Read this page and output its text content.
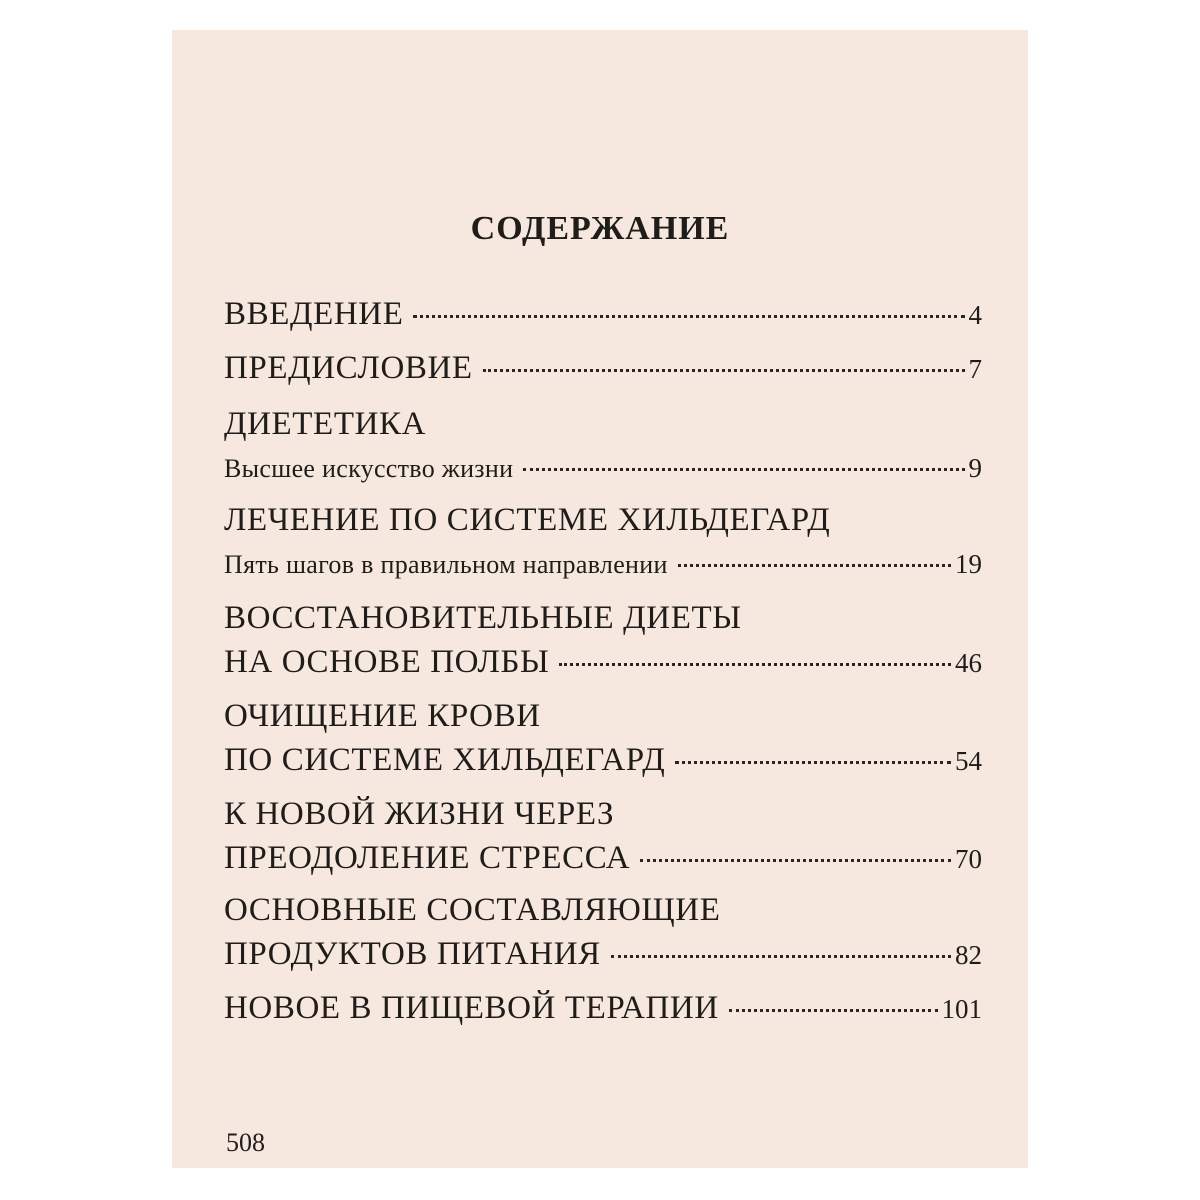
СОДЕРЖАНИЕ
ВВЕДЕНИЕ	4
ПРЕДИСЛОВИЕ	7
ДИЕТЕТИКА
Высшее искусство жизни	9
ЛЕЧЕНИЕ ПО СИСТЕМЕ ХИЛЬДЕГАРД
Пять шагов в правильном направлении	19
ВОССТАНОВИТЕЛЬНЫЕ ДИЕТЫ
НА ОСНОВЕ ПОЛБЫ	46
ОЧИЩЕНИЕ КРОВИ
ПО СИСТЕМЕ ХИЛЬДЕГАРД	54
К НОВОЙ ЖИЗНИ ЧЕРЕЗ
ПРЕОДОЛЕНИЕ СТРЕССА	70
ОСНОВНЫЕ СОСТАВЛЯЮЩИЕ
ПРОДУКТОВ ПИТАНИЯ	82
НОВОЕ В ПИЩЕВОЙ ТЕРАПИИ	101
508
